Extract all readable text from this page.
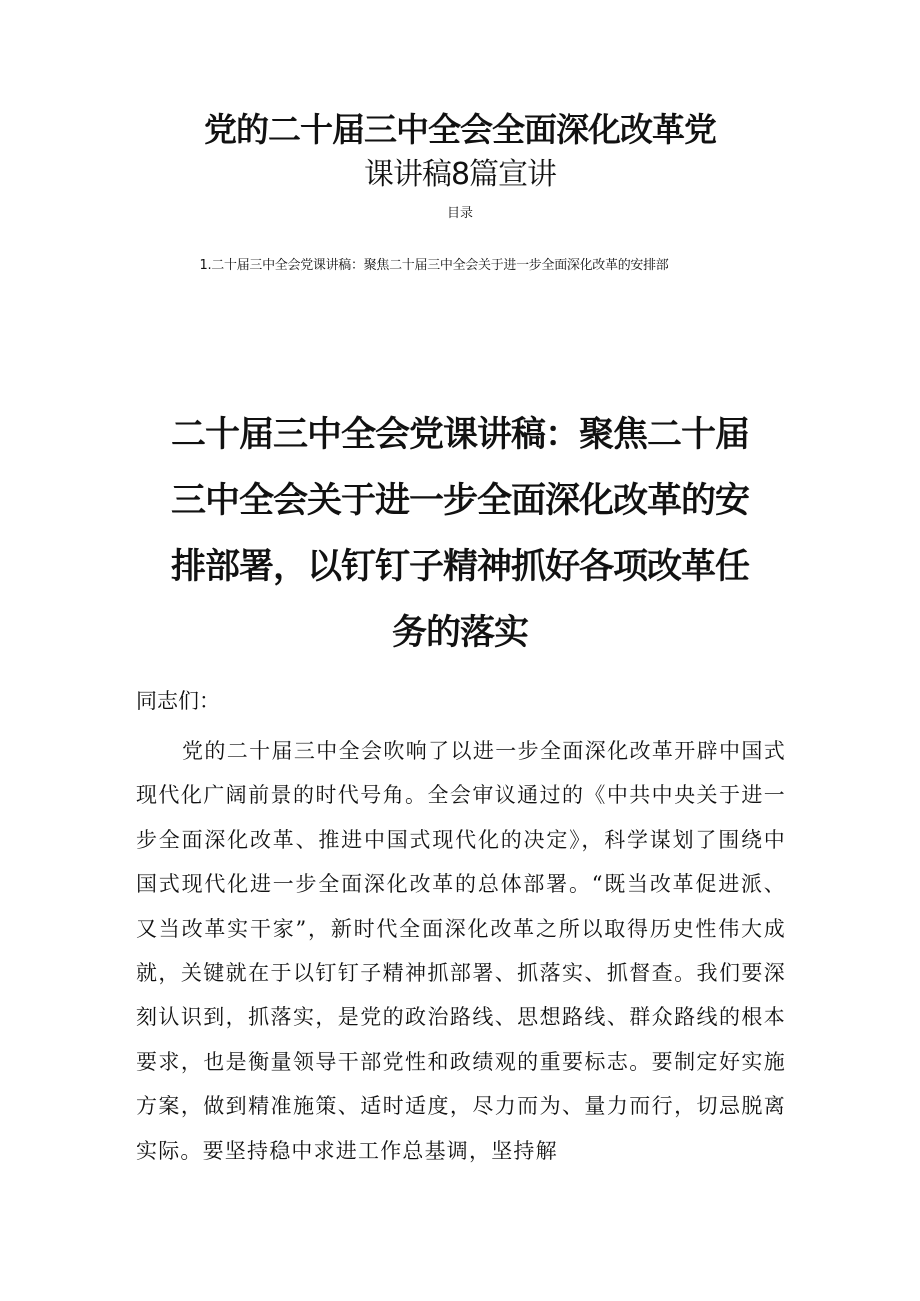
党的二十届三中全会全面深化改革党
课讲稿8篇宣讲
目录
1.二十届三中全会党课讲稿：聚焦二十届三中全会关于进一步全面深化改革的安排部
二十届三中全会党课讲稿：聚焦二十届三中全会关于进一步全面深化改革的安排部署，以钉钉子精神抓好各项改革任务的落实
同志们：

党的二十届三中全会吹响了以进一步全面深化改革开辟中国式现代化广阔前景的时代号角。全会审议通过的《中共中央关于进一步全面深化改革、推进中国式现代化的决定》，科学谋划了围绕中国式现代化进一步全面深化改革的总体部署。“既当改革促进派、又当改革实干家”，新时代全面深化改革之所以取得历史性伟大成就，关键就在于以钉钉子精神抓部署、抓落实、抓督查。我们要深刻认识到，抓落实，是党的政治路线、思想路线、群众路线的根本要求，也是衡量领导干部党性和政绩观的重要标志。要制定好实施方案，做到精准施策、适时适度，尽力而为、量力而行，切忌脱离实际。要坚持稳中求进工作总基调，坚持解
